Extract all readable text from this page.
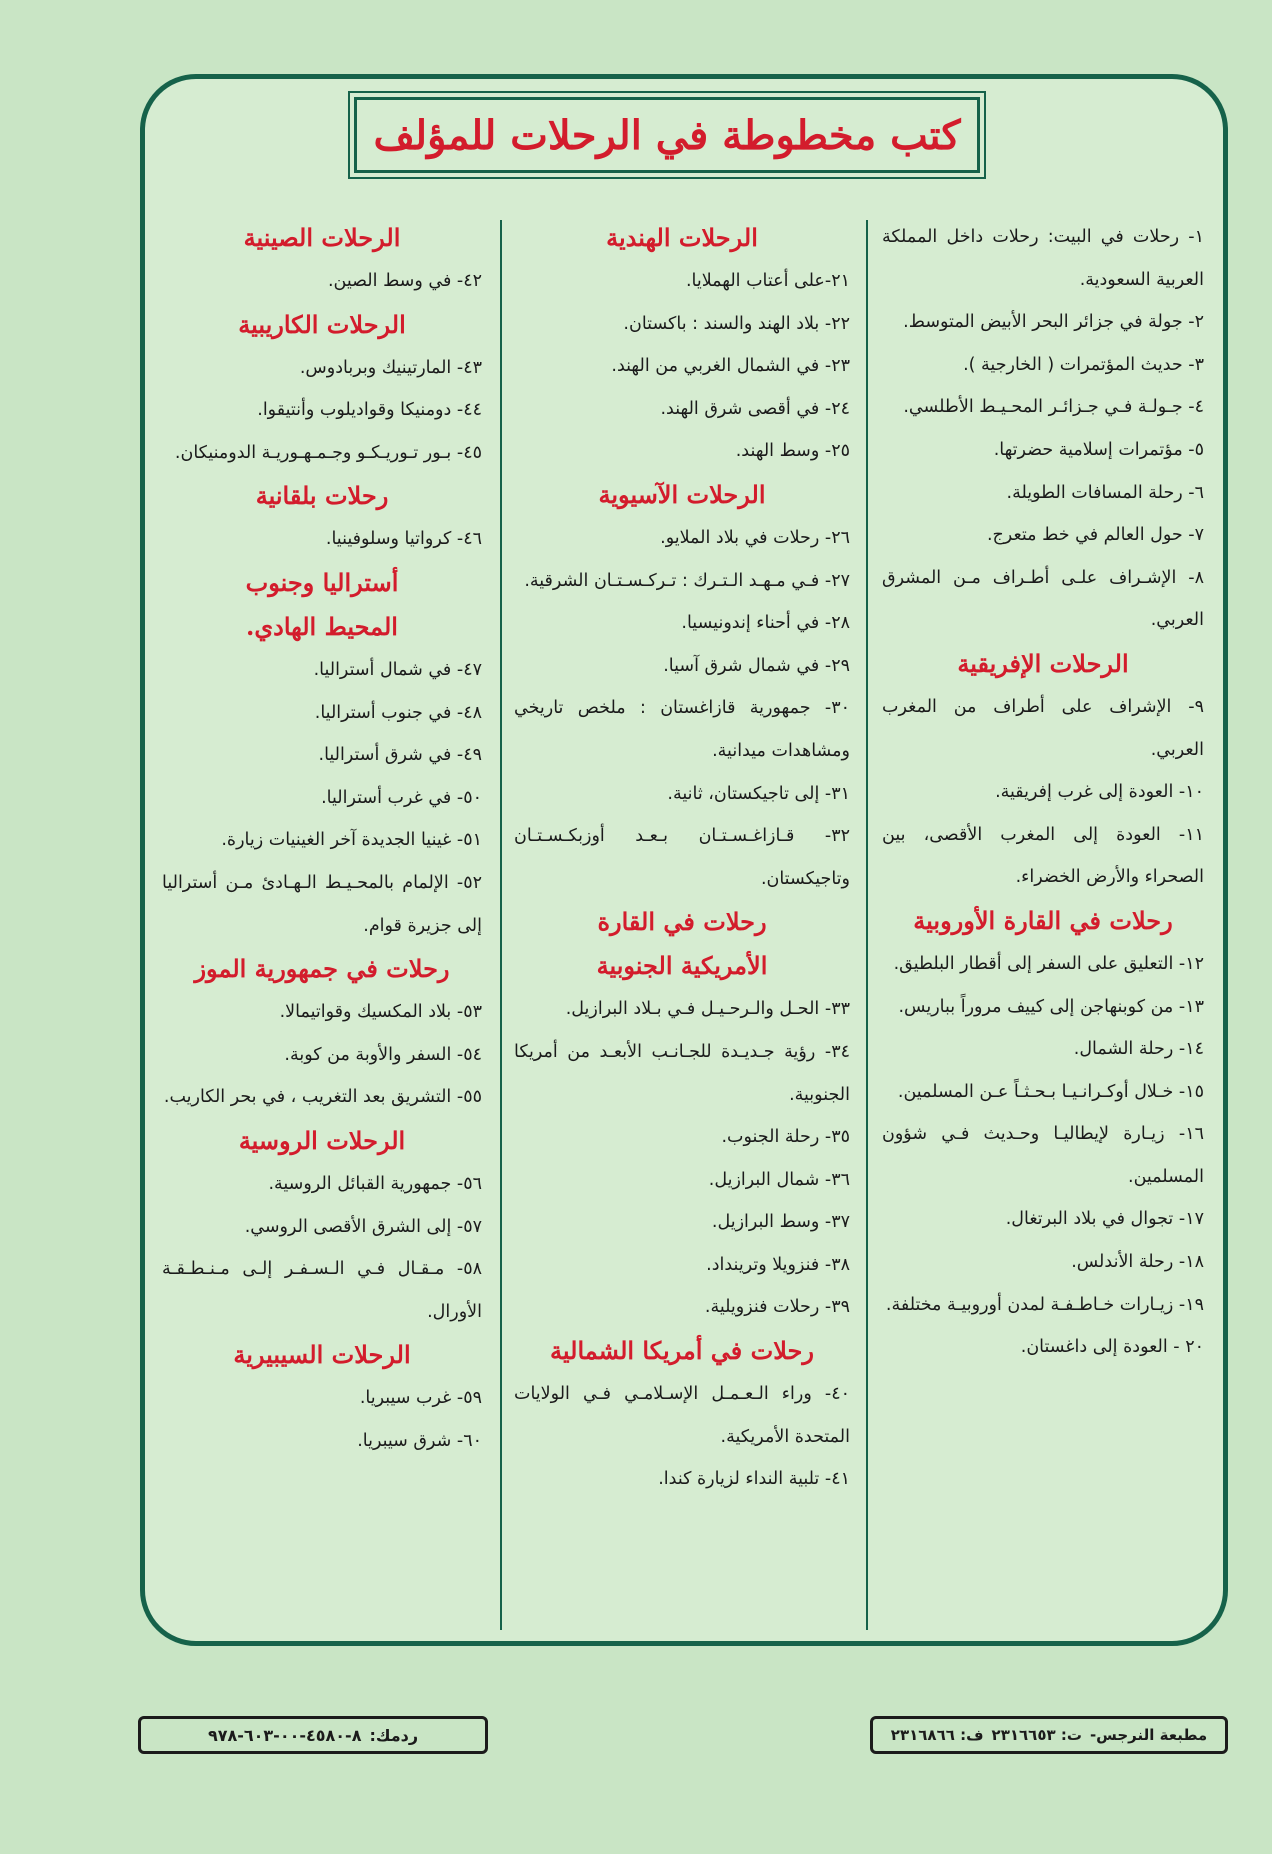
كتب مخطوطة في الرحلات للمؤلف
١- رحلات في البيت: رحلات داخل المملكة العربية السعودية.
٢- جولة في جزائر البحر الأبيض المتوسط.
٣- حديث المؤتمرات ( الخارجية ).
٤- جـولـة فـي جـزائـر المحـيـط الأطلسي.
٥- مؤتمرات إسلامية حضرتها.
٦- رحلة المسافات الطويلة.
٧- حول العالم في خط متعرج.
٨- الإشـراف علـى أطـراف مـن المشرق العربي.
الرحلات الإفريقية
٩- الإشراف على أطراف من المغرب العربي.
١٠- العودة إلى غرب إفريقية.
١١- العودة إلى المغرب الأقصى، بين الصحراء والأرض الخضراء.
رحلات في القارة الأوروبية
١٢- التعليق على السفر إلى أقطار البلطيق.
١٣- من كوبنهاجن إلى كييف مروراً بباريس.
١٤- رحلة الشمال.
١٥- خـلال أوكـرانـيـا بـحـثـاً عـن المسلمين.
١٦- زيـارة لإيطاليـا وحـديث فـي شؤون المسلمين.
١٧- تجوال في بلاد البرتغال.
١٨- رحلة الأندلس.
١٩- زيـارات خـاطـفـة لمدن أوروبيـة مختلفة.
٢٠ - العودة إلى داغستان.
الرحلات الهندية
٢١-على أعتاب الهملايا.
٢٢- بلاد الهند والسند : باكستان.
٢٣- في الشمال الغربي من الهند.
٢٤- في أقصى شرق الهند.
٢٥- وسط الهند.
الرحلات الآسيوية
٢٦- رحلات في بلاد الملايو.
٢٧- فـي مـهـد الـتـرك : تـركـسـتـان الشرقية.
٢٨- في أحناء إندونيسيا.
٢٩- في شمال شرق آسيا.
٣٠- جمهورية قازاغستان : ملخص تاريخي ومشاهدات ميدانية.
٣١- إلى تاجيكستان، ثانية.
٣٢- قـازاغـسـتـان بـعـد أوزبكـسـتـان وتاجيكستان.
رحلات في القارة
الأمريكية الجنوبية
٣٣- الحـل والـرحـيـل فـي بـلاد البرازيل.
٣٤- رؤية جـديـدة للجـانـب الأبعـد من أمريكا الجنوبية.
٣٥- رحلة الجنوب.
٣٦- شمال البرازيل.
٣٧- وسط البرازيل.
٣٨- فنزويلا وترينداد.
٣٩- رحلات فنزويلية.
رحلات في أمريكا الشمالية
٤٠- وراء الـعـمـل الإسـلامـي فـي الولايات المتحدة الأمريكية.
٤١- تلبية النداء لزيارة كندا.
الرحلات الصينية
٤٢- في وسط الصين.
الرحلات الكاريبية
٤٣- المارتينيك وبربادوس.
٤٤- دومنيكا وقواديلوب وأنتيقوا.
٤٥- بـور تـوريـكـو وجـمـهـوريـة الدومنيكان.
رحلات بلقانية
٤٦- كرواتيا وسلوفينيا.
أستراليا وجنوب
المحيط الهادي.
٤٧- في شمال أستراليا.
٤٨- في جنوب أستراليا.
٤٩- في شرق أستراليا.
٥٠- في غرب أستراليا.
٥١- غينيا الجديدة آخر الغينيات زيارة.
٥٢- الإلمام بالمحـيـط الـهـادئ مـن أستراليا إلى جزيرة قوام.
رحلات في جمهورية الموز
٥٣- بلاد المكسيك وقواتيمالا.
٥٤- السفر والأوبة من كوبة.
٥٥- التشريق بعد التغريب ، في بحر الكاريب.
الرحلات الروسية
٥٦- جمهورية القبائل الروسية.
٥٧- إلى الشرق الأقصى الروسي.
٥٨- مـقـال فـي الـسـفـر إلـى مـنـطـقـة الأورال.
الرحلات السيبيرية
٥٩- غرب سيبريا.
٦٠- شرق سيبريا.
مطبعة النرجس-
ت: ٢٣١٦٦٥٣
ف: ٢٣١٦٨٦٦
ردمك:
٨-٤٥٨٠-٠٠-٦٠٣-٩٧٨
